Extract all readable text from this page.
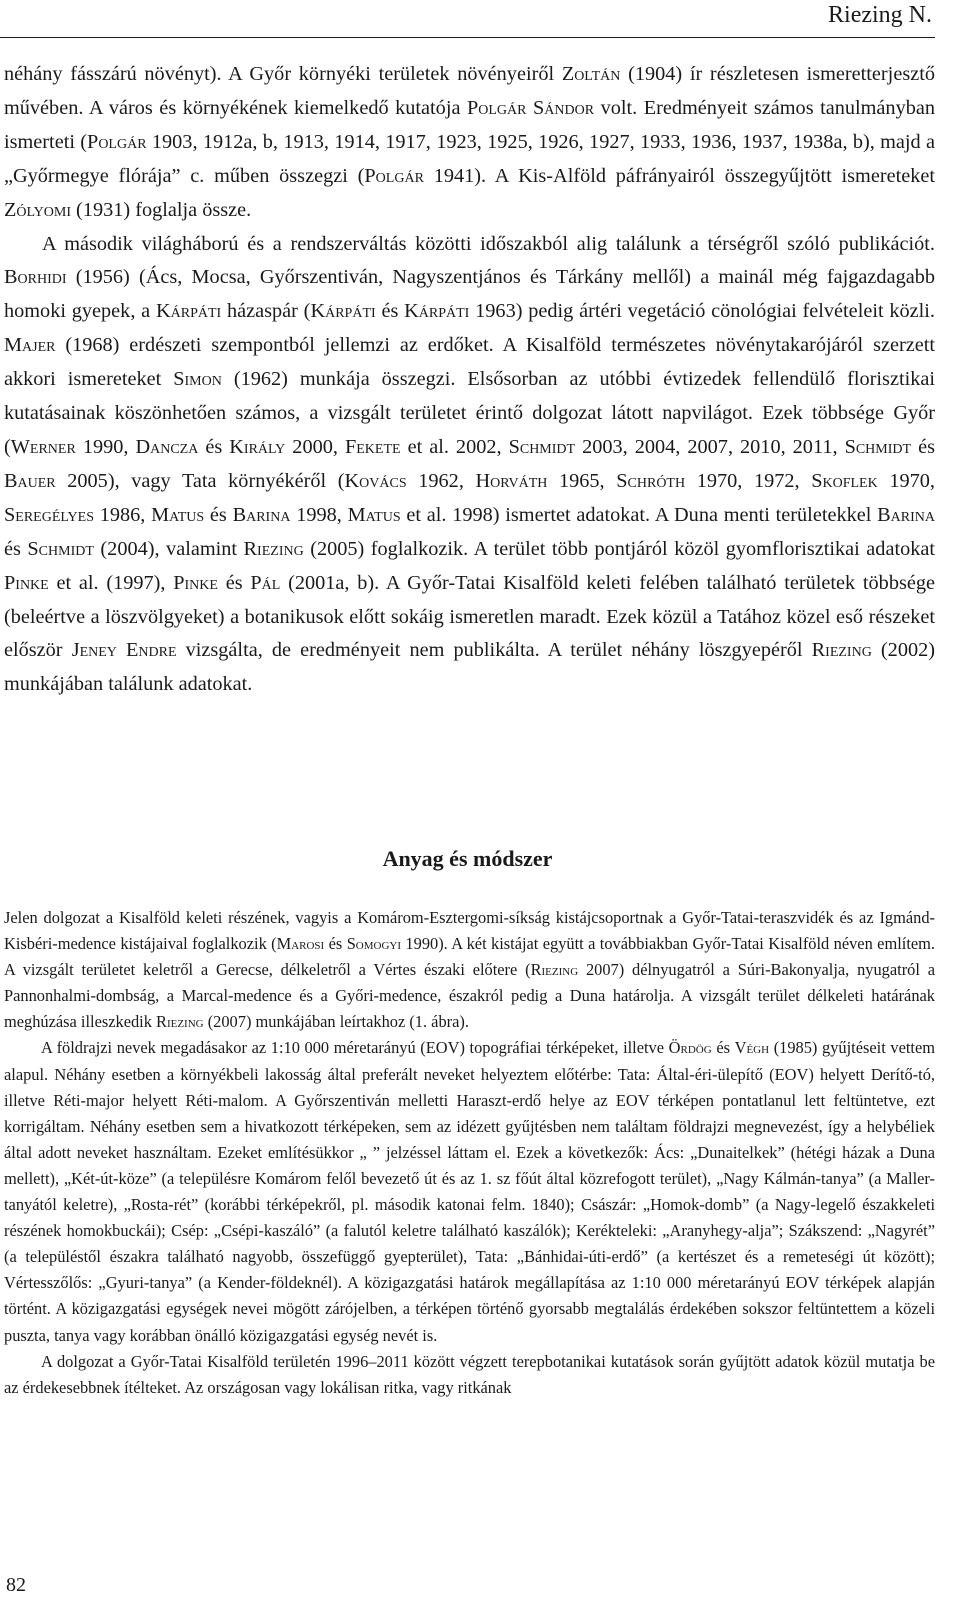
Riezing N.

néhány fásszárú növényt). A Győr környéki területek növényeiről Zoltán (1904) ír részletesen ismeretterjesztő művében. A város és környékének kiemelkedő kutatója Polgár Sándor volt. Eredményeit számos tanulmányban ismerteti (Polgár 1903, 1912a, b, 1913, 1914, 1917, 1923, 1925, 1926, 1927, 1933, 1936, 1937, 1938a, b), majd a „Győrmegye flórája” c. műben összegzi (Polgár 1941). A Kis-Alföld páfrányairól összegyűjtött ismereteket Zólyomi (1931) foglalja össze.

A második világháború és a rendszerváltás közötti időszakból alig találunk a térségről szóló publikációt. Borhidi (1956) (Ács, Mocsa, Győrszentiván, Nagyszentjános és Tárkány mellől) a mainál még fajgazdagabb homoki gyepek, a Kárpáti házaspár (Kárpáti és Kárpáti 1963) pedig ártéri vegetáció cönológiai felvételeit közli. Majer (1968) erdészeti szempontból jellemzi az erdőket. A Kisalföld természetes növénytakarójáról szerzett akkori ismereteket Simon (1962) munkája összegzi. Elsősorban az utóbbi évtizedek fellendülő florisztikai kutatásainak köszönhetően számos, a vizsgált területet érintő dolgozat látott napvilágot. Ezek többsége Győr (Werner 1990, Dancza és Király 2000, Fekete et al. 2002, Schmidt 2003, 2004, 2007, 2010, 2011, Schmidt és Bauer 2005), vagy Tata környékéről (Kovács 1962, Horváth 1965, Schróth 1970, 1972, Skoflek 1970, Seregélyes 1986, Matus és Barina 1998, Matus et al. 1998) ismertet adatokat. A Duna menti területekkel Barina és Schmidt (2004), valamint Riezing (2005) foglalkozik. A terület több pontjáról közöl gyomflorisztikai adatokat Pinke et al. (1997), Pinke és Pál (2001a, b). A Győr-Tatai Kisalföld keleti felében található területek többsége (beleértve a löszvölgyeket) a botanikusok előtt sokáig ismeretlen maradt. Ezek közül a Tatához közel eső részeket először Jeney Endre vizsgálta, de eredményeit nem publikálta. A terület néhány löszgyepéről Riezing (2002) munkájában találunk adatokat.

Anyag és módszer

Jelen dolgozat a Kisalföld keleti részének, vagyis a Komárom-Esztergomi-síkság kistájcsoportnak a Győr-Tatai-teraszvidék és az Igmánd-Kisbéri-medence kistájaival foglalkozik (Marosi és Somogyi 1990). A két kistájat együtt a továbbiakban Győr-Tatai Kisalföld néven említem. A vizsgált területet keletről a Gerecse, délkeletről a Vértes északi előtere (Riezing 2007) délnyugatról a Súri-Bakonyalja, nyugatról a Pannonhalmi-dombság, a Marcal-medence és a Győri-medence, északról pedig a Duna határolja. A vizsgált terület délkeleti határának meghúzása illeszkedik Riezing (2007) munkájában leírtakhoz (1. ábra).

A földrajzi nevek megadásakor az 1:10 000 méretarányú (EOV) topográfiai térképeket, illetve Ördög és Végh (1985) gyűjtéseit vettem alapul. Néhány esetben a környékbeli lakosság által preferált neveket helyeztem előtérbe: Tata: Által-éri-ülepítő (EOV) helyett Derítő-tó, illetve Réti-major helyett Réti-malom. A Győrszentiván melletti Haraszt-erdő helye az EOV térképen pontatlanul lett feltüntetve, ezt korrigáltam. Néhány esetben sem a hivatkozott térképeken, sem az idézett gyűjtésben nem találtam földrajzi megnevezést, így a helybéliek által adott neveket használtam. Ezeket említésükkor „ ” jelzéssel láttam el. Ezek a következők: Ács: „Dunaitelkek” (hétégi házak a Duna mellett), „Két-út-köze” (a településre Komárom felől bevezető út és az 1. sz főút által közrefogott terület), „Nagy Kálmán-tanya” (a Maller-tanyától keletre), „Rosta-rét” (korábbi térképekről, pl. második katonai felm. 1840); Császár: „Homok-domb” (a Nagy-legelő északkeleti részének homokbuckái); Csép: „Csépi-kaszáló” (a falutól keletre található kaszálók); Kerékteleki: „Aranyhegy-alja”; Szákszend: „Nagyrét” (a településtől északra található nagyobb, összefüggő gyepterület), Tata: „Bánhidai-úti-erdő” (a kertészet és a remeteségi út között); Vértesszőlős: „Gyuri-tanya” (a Kender-földeknél). A közigazgatási határok megállapítása az 1:10 000 méretarányú EOV térképek alapján történt. A közigazgatási egységek nevei mögött zárójelben, a térképen történő gyorsabb megtalálás érdekében sokszor feltüntettem a közeli puszta, tanya vagy korábban önálló közigazgatási egység nevét is.

A dolgozat a Győr-Tatai Kisalföld területén 1996–2011 között végzett terepbotanikai kutatások során gyűjtött adatok közül mutatja be az érdekesebbnek ítélteket. Az országosan vagy lokálisan ritka, vagy ritkának

82
